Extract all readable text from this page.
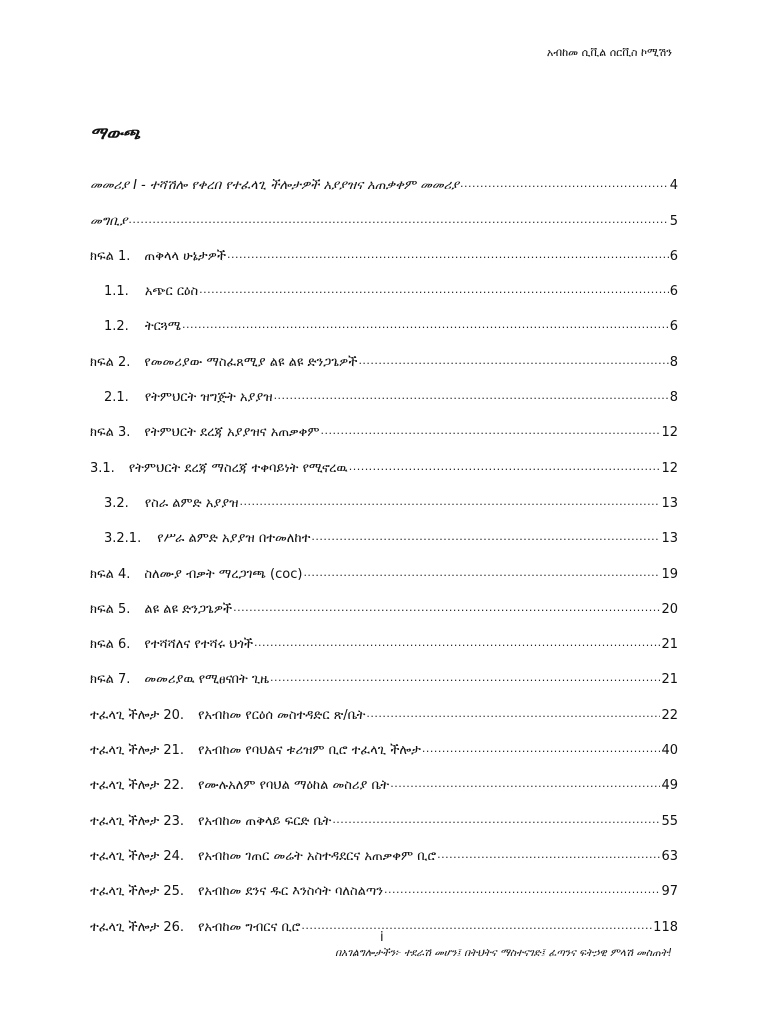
አብከመ ሲቪል ሰርቪስ ኮሚሽን
ማውጫ
መመሪያ I - ተሻሽሎ የቀረበ የተፈላጊ ችሎታዎች አያያዝና አጠቃቀም መመሪያ .....	4
መግቢያ .....	5
ክፍል 1. ጠቅላላ ሁኔታዎች .....	6
1.1. አጭር ርዕስ .....	6
1.2. ትርጓሜ .....	6
ክፍል 2. የመመሪያው ማስፈጸሚያ ልዩ ልዩ ድንጋጌዎች .....	8
2.1. የትምህርት ዝግጅት አያያዝ .....	8
ክፍል 3. የትምህርት ደረጃ አያያዝና አጠቃቀም .....	12
3.1. የትምህርት ደረጃ ማስረጃ ተቀባይነት የሚኖረዉ .....	12
3.2. የስራ ልምድ አያያዝ .....	13
3.2.1. የሥራ ልምድ አያያዝ በተመለከተ .....	13
ክፍል 4. ስለሙያ ብቃት ማረጋገጫ (coc) .....	19
ክፍል 5. ልዩ ልዩ ድንጋጌዎች .....	20
ክፍል 6. የተሻሻለና የተሻሩ ህጎች .....	21
ክፍል 7. መመሪያዉ የሚፀናበት ጊዜ .....	21
ተፈላጊ ችሎታ 20. የአብከመ የርዕሰ መስተዳድር ጽ/ቤት .....	22
ተፈላጊ ችሎታ 21. የአብከመ የባህልና ቱሪዝም ቢሮ ተፈላጊ ችሎታ .....	40
ተፈላጊ ችሎታ 22. የሙሉአለም የባህል ማዕከል መስሪያ ቤት .....	49
ተፈላጊ ችሎታ 23. የአብከመ ጠቅላይ ፍርድ ቤት .....	55
ተፈላጊ ችሎታ 24. የአብከመ ገጠር መሬት አስተዳደርና አጠቃቀም ቢሮ .....	63
ተፈላጊ ችሎታ 25. የአብከመ ደንና ዱር እንስሳት ባለስልጣን .....	97
ተፈላጊ ችሎታ 26. የአብከመ ግብርና ቢሮ .....	118
i
በአገልግሎታችን፦ ተደራሽ መሆን፤ በትህትና ማስተናገድ፤ ፈጣንና ፍትኃዊ ምላሽ መስጠት!
